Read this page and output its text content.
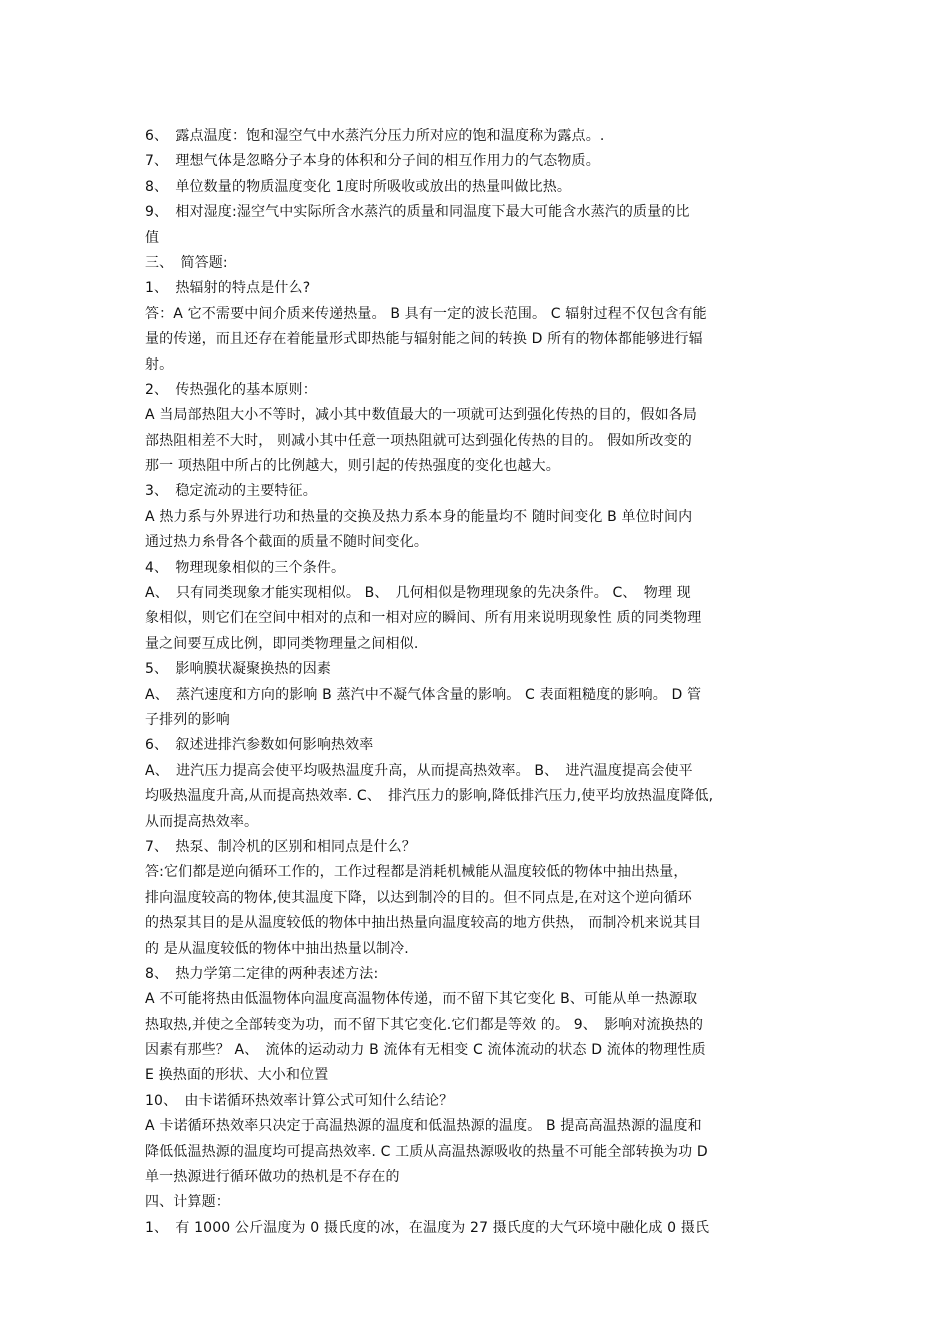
6、　露点温度：饱和湿空气中水蒸汽分压力所对应的饱和温度称为露点。.
7、　理想气体是忽略分子本身的体积和分子间的相互作用力的气态物质。
8、　单位数量的物质温度变化 1度时所吸收或放出的热量叫做比热。
9、　相对湿度:湿空气中实际所含水蒸汽的质量和同温度下最大可能含水蒸汽的质量的比
值
三、　简答题:
1、　热辐射的特点是什么?
答：A 它不需要中间介质来传递热量。 B 具有一定的波长范围。 C 辐射过程不仅包含有能
量的传递，而且还存在着能量形式即热能与辐射能之间的转换 D 所有的物体都能够进行辐
射。
2、　传热强化的基本原则：
A 当局部热阻大小不等时，减小其中数值最大的一项就可达到强化传热的目的，假如各局
部热阻相差不大时， 则减小其中任意一项热阻就可达到强化传热的目的。 假如所改变的
那一 项热阻中所占的比例越大，则引起的传热强度的变化也越大。
3、　稳定流动的主要特征。
A 热力系与外界进行功和热量的交换及热力系本身的能量均不 随时间变化 B 单位时间内
通过热力糸骨各个截面的质量不随时间变化。
4、　物理现象相似的三个条件。
A、　只有同类现象才能实现相似。 B、　几何相似是物理现象的先决条件。 C、　物理 现
象相似，则它们在空间中相对的点和一相对应的瞬间、所有用来说明现象性 质的同类物理
量之间要互成比例，即同类物理量之间相似.
5、　影响膜状凝聚换热的因素
A、　蒸汽速度和方向的影响 B 蒸汽中不凝气体含量的影响。 C 表面粗糙度的影响。 D 管
子排列的影响
6、　叙述进排汽参数如何影响热效率
A、　进汽压力提高会使平均吸热温度升高，从而提高热效率。 B、　进汽温度提高会使平
均吸热温度升高,从而提高热效率. C、　排汽压力的影响,降低排汽压力,使平均放热温度降低,
从而提高热效率。
7、　热泵、制冷机的区别和相同点是什么？
答:它们都是逆向循环工作的，工作过程都是消耗机械能从温度较低的物体中抽出热量，
排向温度较高的物体,使其温度下降，以达到制冷的目的。但不同点是,在对这个逆向循环
的热泵其目的是从温度较低的物体中抽出热量向温度较高的地方供热， 而制冷机来说其目
的 是从温度较低的物体中抽出热量以制冷.
8、　热力学第二定律的两种表述方法:
A 不可能将热由低温物体向温度高温物体传递，而不留下其它变化 B、可能从单一热源取
热取热,并使之全部转变为功，而不留下其它变化.它们都是等效 的。 9、　影响对流换热的
因素有那些？ A、　流体的运动动力 B 流体有无相变 C 流体流动的状态 D 流体的物理性质
E 换热面的形状、大小和位置
10、　由卡诺循环热效率计算公式可知什么结论？
A 卡诺循环热效率只决定于高温热源的温度和低温热源的温度。 B 提高高温热源的温度和
降低低温热源的温度均可提高热效率. C 工质从高温热源吸收的热量不可能全部转换为功 D
单一热源进行循环做功的热机是不存在的
四、计算题：
1、　有 1000 公斤温度为 0 摄氏度的冰，在温度为 27 摄氏度的大气环境中融化成 0 摄氏
